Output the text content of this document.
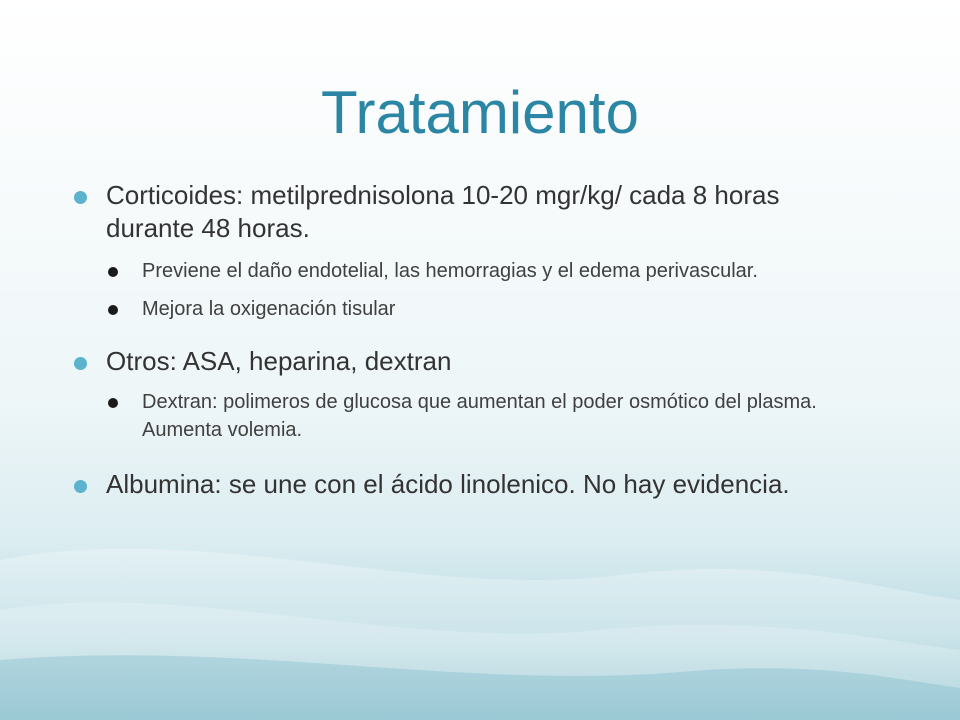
Tratamiento
Corticoides: metilprednisolona 10-20 mgr/kg/ cada 8 horas durante 48 horas.
Previene el daño endotelial, las hemorragias y el edema perivascular.
Mejora la oxigenación tisular
Otros: ASA, heparina, dextran
Dextran: polimeros de glucosa que aumentan el poder osmótico del plasma. Aumenta volemia.
Albumina: se une con el ácido linolenico. No hay evidencia.
